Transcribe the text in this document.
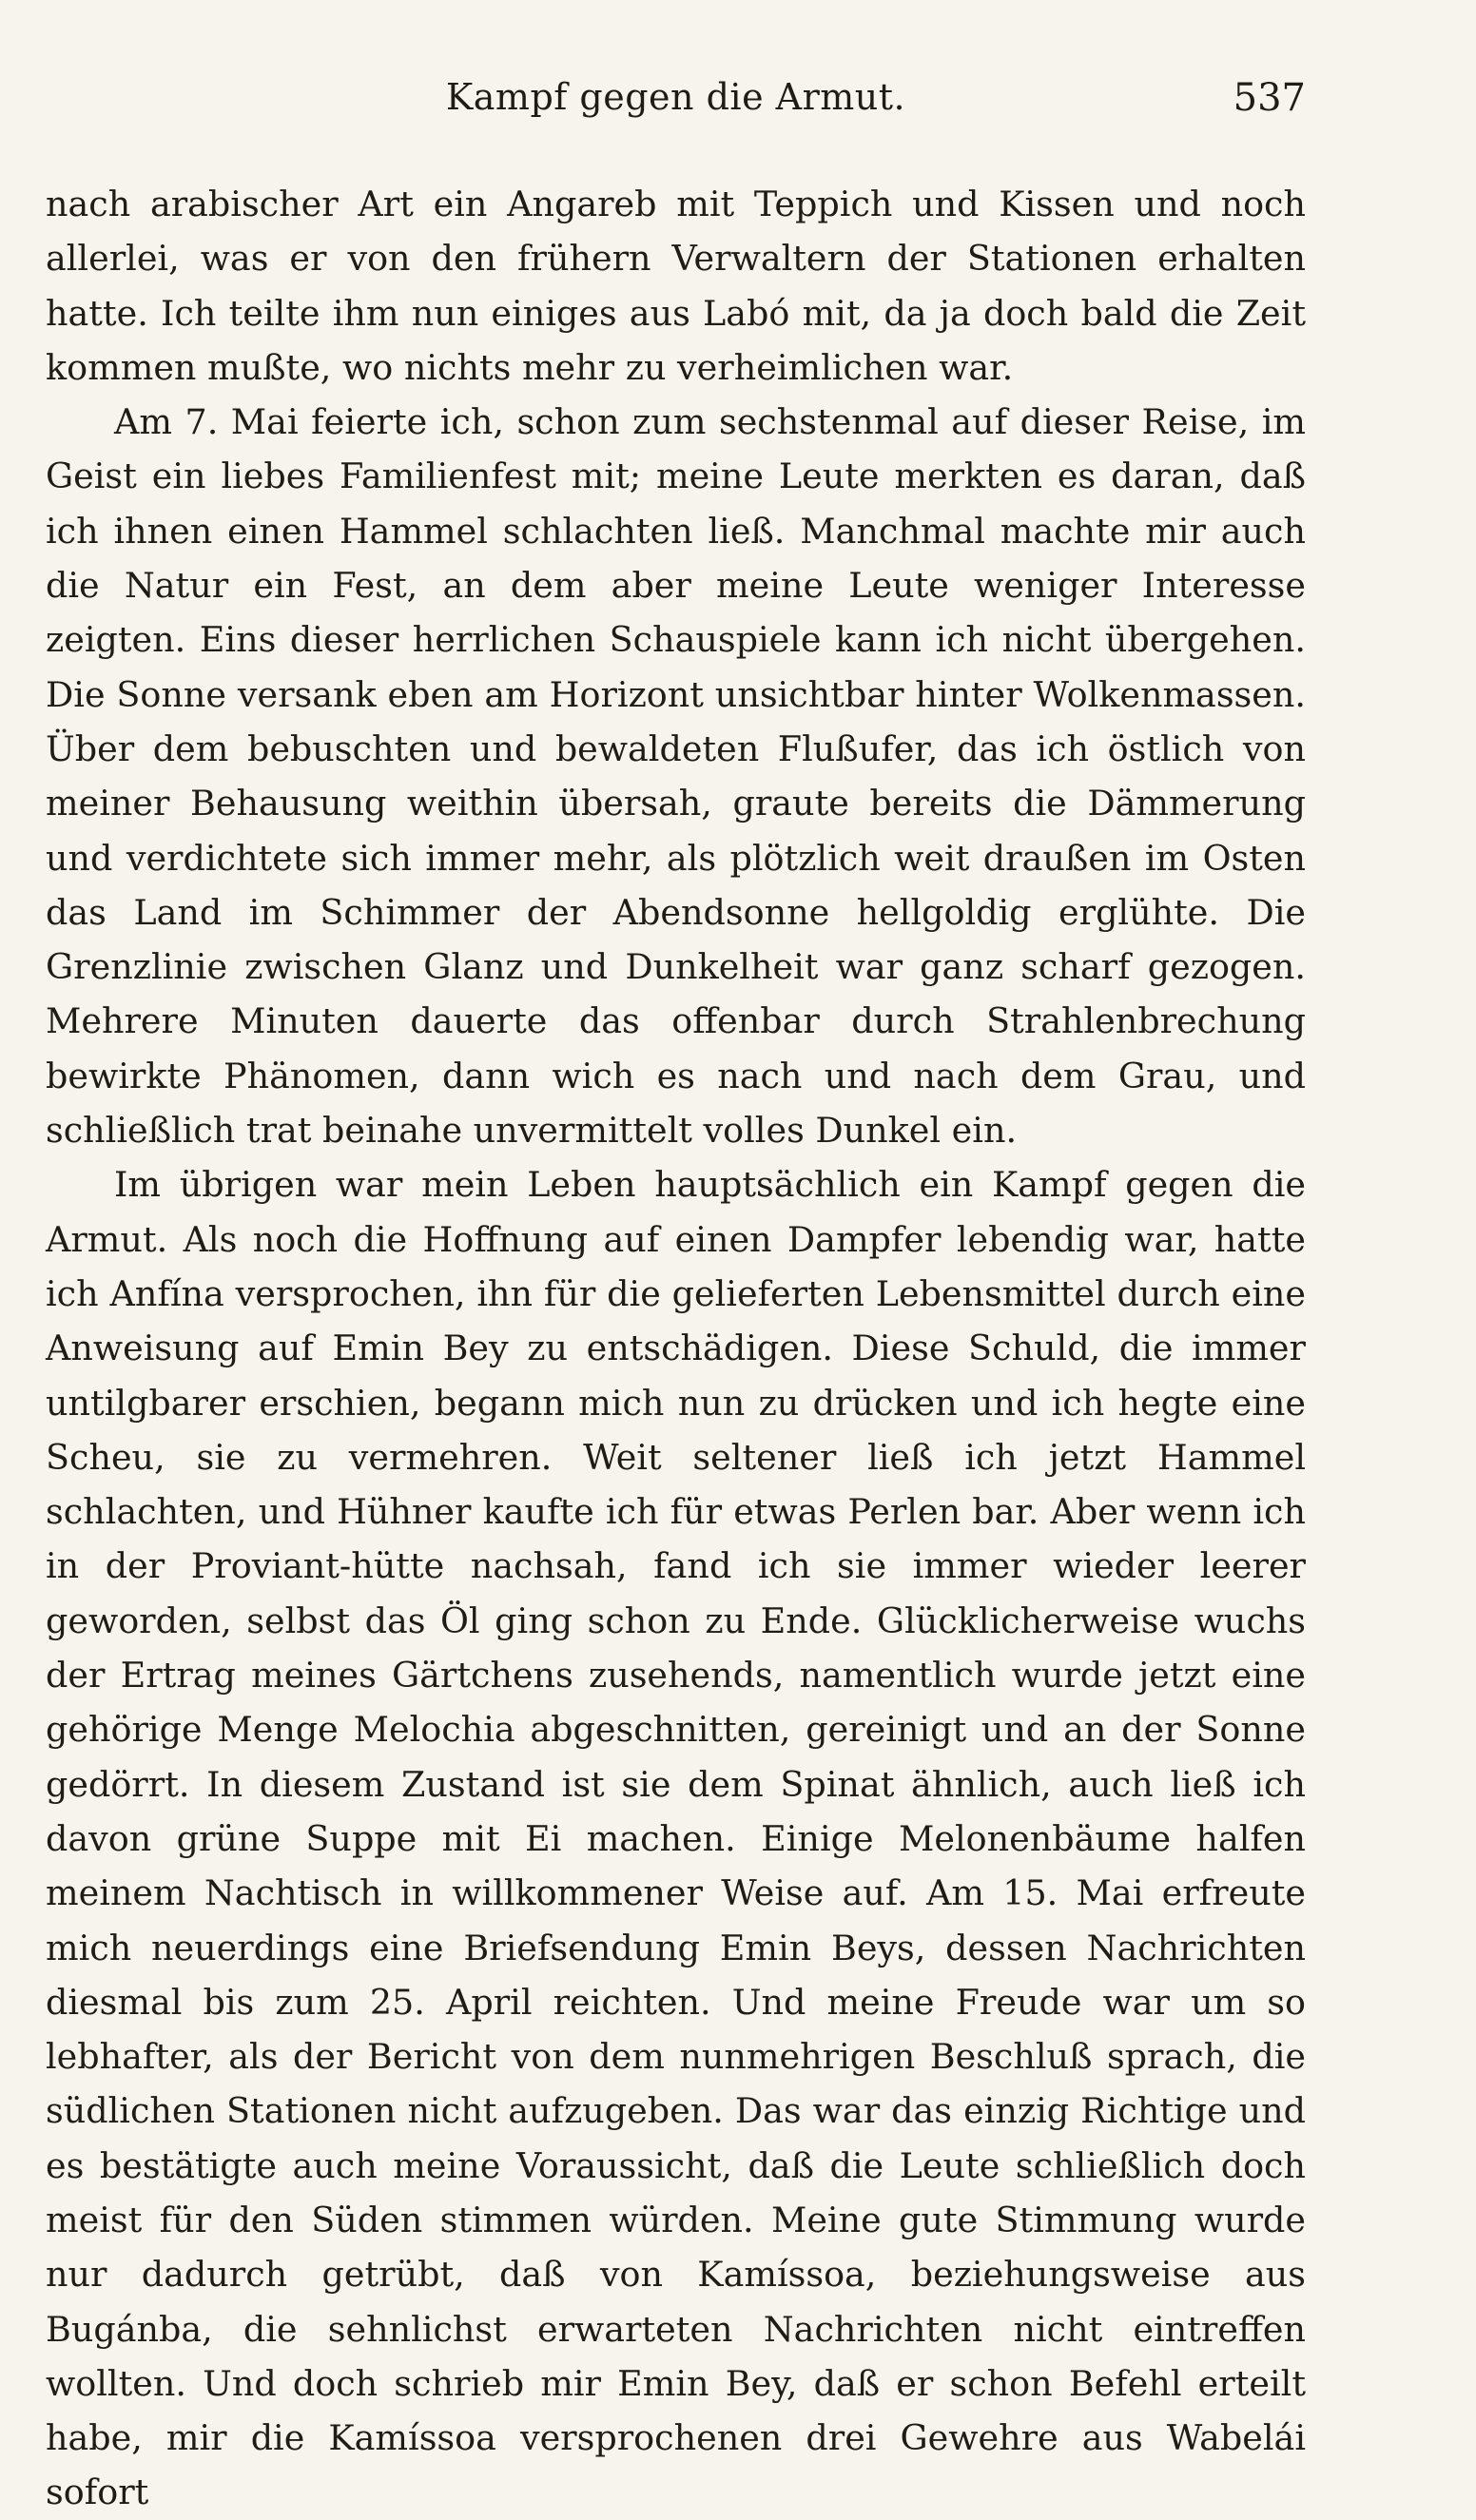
Kampf gegen die Armut.	537

nach arabischer Art ein Angareb mit Teppich und Kissen und noch allerlei, was er von den frühern Verwaltern der Stationen erhalten hatte. Ich teilte ihm nun einiges aus Labó mit, da ja doch bald die Zeit kommen mußte, wo nichts mehr zu verheimlichen war.

Am 7. Mai feierte ich, schon zum sechstenmal auf dieser Reise, im Geist ein liebes Familienfest mit; meine Leute merkten es daran, daß ich ihnen einen Hammel schlachten ließ. Manchmal machte mir auch die Natur ein Fest, an dem aber meine Leute weniger Interesse zeigten. Eins dieser herrlichen Schauspiele kann ich nicht übergehen. Die Sonne versank eben am Horizont unsichtbar hinter Wolkenmassen. Über dem bebuschten und bewaldeten Flußufer, das ich östlich von meiner Behausung weithin übersah, graute bereits die Dämmerung und verdichtete sich immer mehr, als plötzlich weit draußen im Osten das Land im Schimmer der Abendsonne hellgoldig erglühte. Die Grenzlinie zwischen Glanz und Dunkelheit war ganz scharf gezogen. Mehrere Minuten dauerte das offenbar durch Strahlenbrechung bewirkte Phänomen, dann wich es nach und nach dem Grau, und schließlich trat beinahe unvermittelt volles Dunkel ein.

Im übrigen war mein Leben hauptsächlich ein Kampf gegen die Armut. Als noch die Hoffnung auf einen Dampfer lebendig war, hatte ich Anfína versprochen, ihn für die gelieferten Lebensmittel durch eine Anweisung auf Emin Bey zu entschädigen. Diese Schuld, die immer untilgbarer erschien, begann mich nun zu drücken und ich hegte eine Scheu, sie zu vermehren. Weit seltener ließ ich jetzt Hammel schlachten, und Hühner kaufte ich für etwas Perlen bar. Aber wenn ich in der Proviant-hütte nachsah, fand ich sie immer wieder leerer geworden, selbst das Öl ging schon zu Ende. Glücklicherweise wuchs der Ertrag meines Gärtchens zusehends, namentlich wurde jetzt eine gehörige Menge Melochia abgeschnitten, gereinigt und an der Sonne gedörrt. In diesem Zustand ist sie dem Spinat ähnlich, auch ließ ich davon grüne Suppe mit Ei machen. Einige Melonenbäume halfen meinem Nachtisch in willkommener Weise auf. Am 15. Mai erfreute mich neuerdings eine Briefsendung Emin Beys, dessen Nachrichten diesmal bis zum 25. April reichten. Und meine Freude war um so lebhafter, als der Bericht von dem nunmehrigen Beschluß sprach, die südlichen Stationen nicht aufzugeben. Das war das einzig Richtige und es bestätigte auch meine Voraussicht, daß die Leute schließlich doch meist für den Süden stimmen würden. Meine gute Stimmung wurde nur dadurch getrübt, daß von Kamíssoa, beziehungsweise aus Bugánba, die sehnlichst erwarteten Nachrichten nicht eintreffen wollten. Und doch schrieb mir Emin Bey, daß er schon Befehl erteilt habe, mir die Kamíssoa versprochenen drei Gewehre aus Wabelái sofort
